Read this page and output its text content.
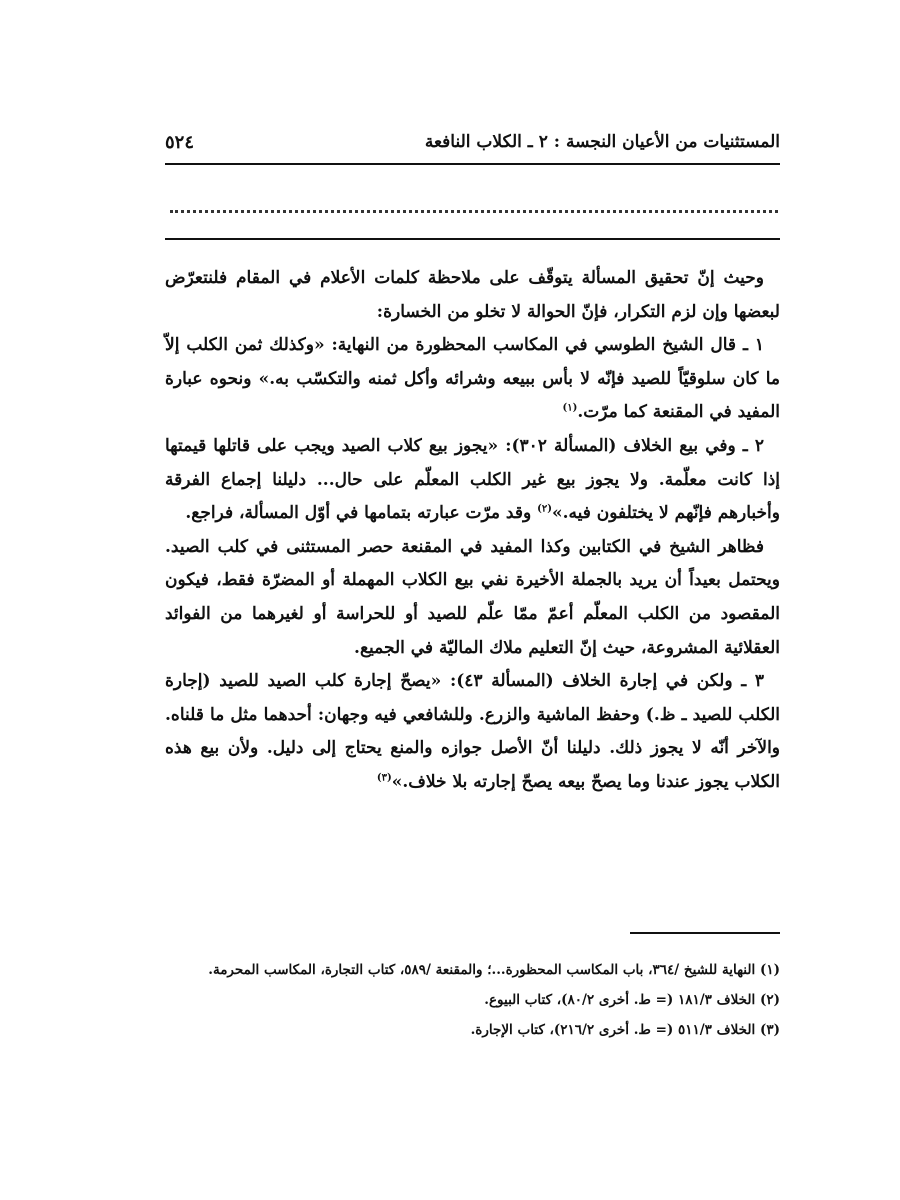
المستثنيات من الأعيان النجسة : ٢ ـ الكلاب النافعة
٥٢٤

وحيث إنّ تحقيق المسألة يتوقّف على ملاحظة كلمات الأعلام في المقام فلنتعرّض لبعضها وإن لزم التكرار، فإنّ الحوالة لا تخلو من الخسارة:

١ ـ قال الشيخ الطوسي في المكاسب المحظورة من النهاية: «وكذلك ثمن الكلب إلاّ ما كان سلوقيّاً للصيد فإنّه لا بأس ببيعه وشرائه وأكل ثمنه والتكسّب به.» ونحوه عبارة المفيد في المقنعة كما مرّت.$^{(١)}$

٢ ـ وفي بيع الخلاف (المسألة ٣٠٢): «يجوز بيع كلاب الصيد ويجب على قاتلها قيمتها إذا كانت معلّمة. ولا يجوز بيع غير الكلب المعلّم على حال... دليلنا إجماع الفرقة وأخبارهم فإنّهم لا يختلفون فيه.»$^{(٢)}$ وقد مرّت عبارته بتمامها في أوّل المسألة، فراجع.

فظاهر الشيخ في الكتابين وكذا المفيد في المقنعة حصر المستثنى في كلب الصيد. ويحتمل بعيداً أن يريد بالجملة الأخيرة نفي بيع الكلاب المهملة أو المضرّة فقط، فيكون المقصود من الكلب المعلّم أعمّ ممّا علّم للصيد أو للحراسة أو لغيرهما من الفوائد العقلائية المشروعة، حيث إنّ التعليم ملاك الماليّة في الجميع.

٣ ـ ولكن في إجارة الخلاف (المسألة ٤٣): «يصحّ إجارة كلب الصيد للصيد (إجارة الكلب للصيد ـ ظ.) وحفظ الماشية والزرع. وللشافعي فيه وجهان: أحدهما مثل ما قلناه. والآخر أنّه لا يجوز ذلك. دليلنا أنّ الأصل جوازه والمنع يحتاج إلى دليل. ولأن بيع هذه الكلاب يجوز عندنا وما يصحّ بيعه يصحّ إجارته بلا خلاف.»$^{(٣)}$

(١) النهاية للشيخ /٣٦٤، باب المكاسب المحظورة...؛ والمقنعة /٥٨٩، كتاب التجارة، المكاسب المحرمة.

(٢) الخلاف ١٨١/٣ (= ط. أخرى ٨٠/٢)، كتاب البيوع.

(٣) الخلاف ٥١١/٣ (= ط. أخرى ٢١٦/٢)، كتاب الإجارة.
